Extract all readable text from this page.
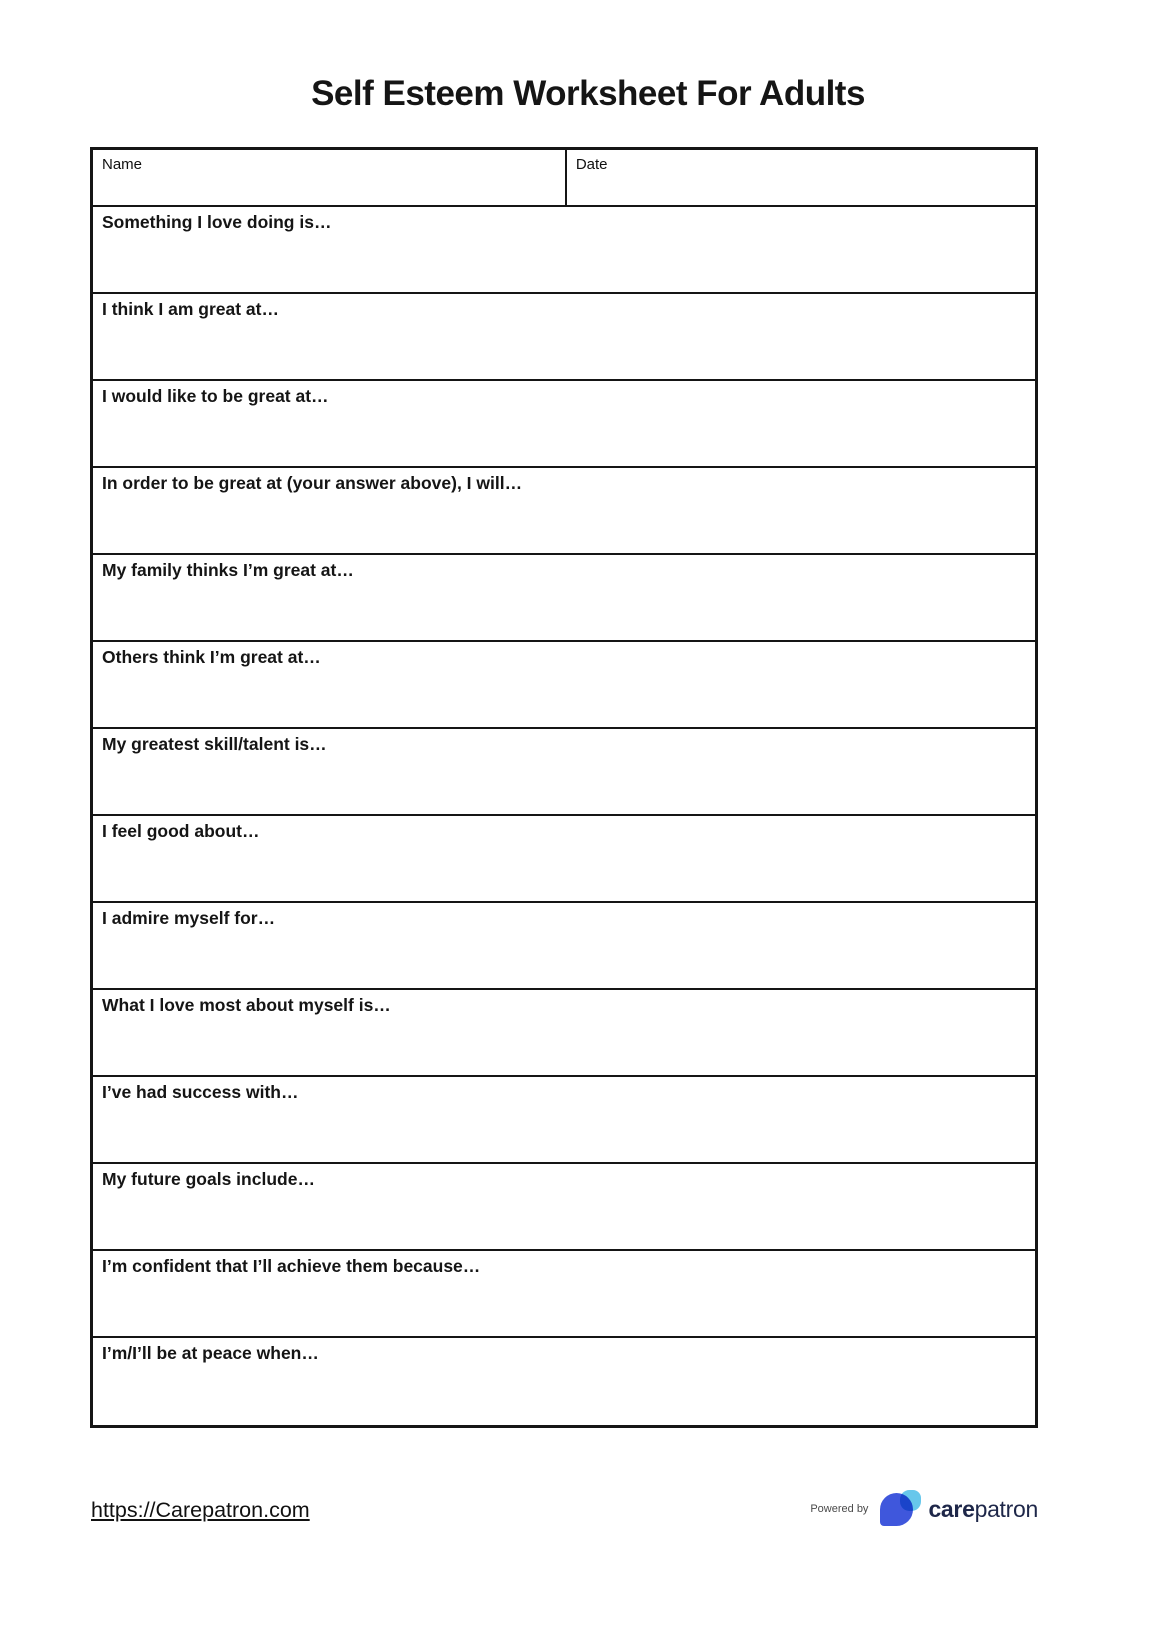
Self Esteem Worksheet For Adults
Name	Date
Something I love doing is…
I think I am great at…
I would like to be great at…
In order to be great at (your answer above), I will…
My family thinks I’m great at…
Others think I’m great at…
My greatest skill/talent is…
I feel good about…
I admire myself for…
What I love most about myself is…
I’ve had success with…
My future goals include…
I’m confident that I’ll achieve them because…
I’m/I’ll be at peace when…
https://Carepatron.com	Powered by	carepatron
